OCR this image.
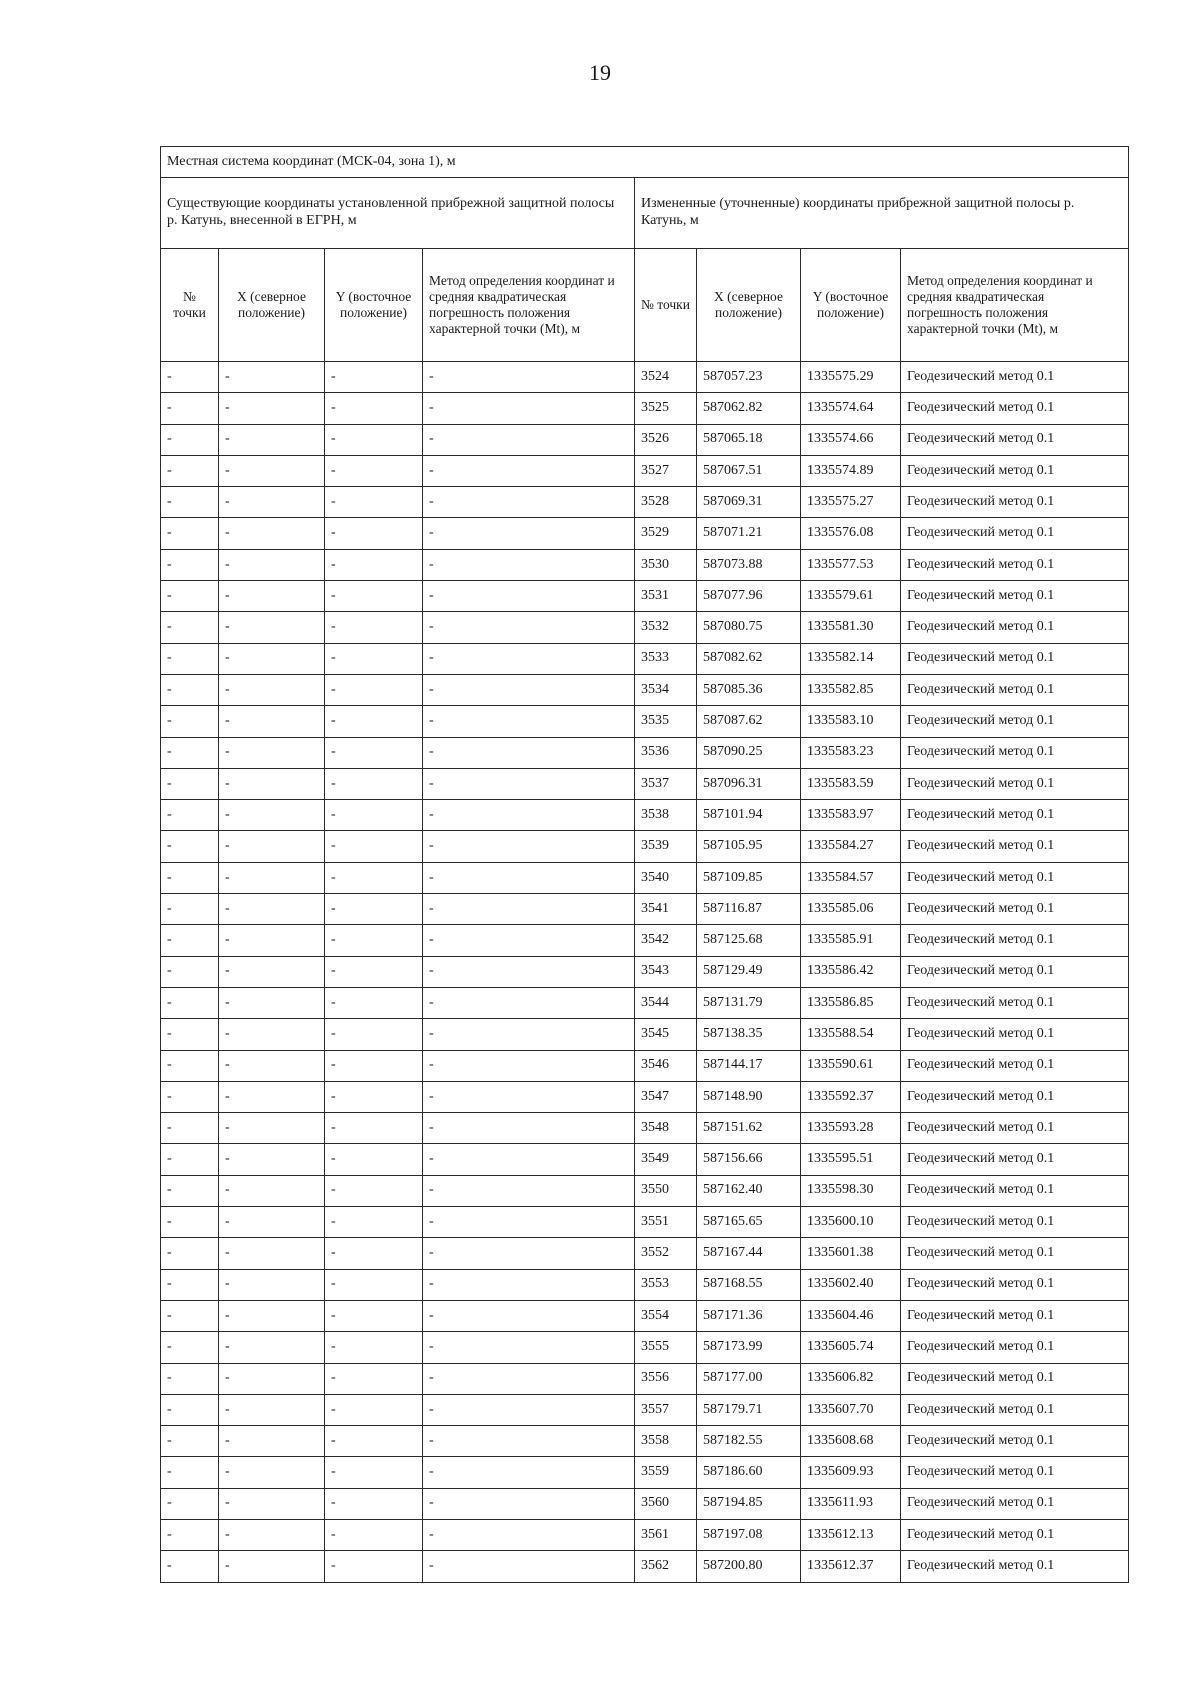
19
Местная система координат (МСК-04, зона 1), м							
Существующие координаты установленной прибрежной защитной полосы р. Катунь, внесенной в ЕГРН, м				Измененные (уточненные) координаты прибрежной защитной полосы р. Катунь, м			
№ точки	X (северное положение)	Y (восточное положение)	Метод определения координат и средняя квадратическая погрешность положения характерной точки (Mt), м	№ точки	X (северное положение)	Y (восточное положение)	Метод определения координат и средняя квадратическая погрешность положения характерной точки (Mt), м
-	-	-	-	3524	587057.23	1335575.29	Геодезический метод 0.1
-	-	-	-	3525	587062.82	1335574.64	Геодезический метод 0.1
-	-	-	-	3526	587065.18	1335574.66	Геодезический метод 0.1
-	-	-	-	3527	587067.51	1335574.89	Геодезический метод 0.1
-	-	-	-	3528	587069.31	1335575.27	Геодезический метод 0.1
-	-	-	-	3529	587071.21	1335576.08	Геодезический метод 0.1
-	-	-	-	3530	587073.88	1335577.53	Геодезический метод 0.1
-	-	-	-	3531	587077.96	1335579.61	Геодезический метод 0.1
-	-	-	-	3532	587080.75	1335581.30	Геодезический метод 0.1
-	-	-	-	3533	587082.62	1335582.14	Геодезический метод 0.1
-	-	-	-	3534	587085.36	1335582.85	Геодезический метод 0.1
-	-	-	-	3535	587087.62	1335583.10	Геодезический метод 0.1
-	-	-	-	3536	587090.25	1335583.23	Геодезический метод 0.1
-	-	-	-	3537	587096.31	1335583.59	Геодезический метод 0.1
-	-	-	-	3538	587101.94	1335583.97	Геодезический метод 0.1
-	-	-	-	3539	587105.95	1335584.27	Геодезический метод 0.1
-	-	-	-	3540	587109.85	1335584.57	Геодезический метод 0.1
-	-	-	-	3541	587116.87	1335585.06	Геодезический метод 0.1
-	-	-	-	3542	587125.68	1335585.91	Геодезический метод 0.1
-	-	-	-	3543	587129.49	1335586.42	Геодезический метод 0.1
-	-	-	-	3544	587131.79	1335586.85	Геодезический метод 0.1
-	-	-	-	3545	587138.35	1335588.54	Геодезический метод 0.1
-	-	-	-	3546	587144.17	1335590.61	Геодезический метод 0.1
-	-	-	-	3547	587148.90	1335592.37	Геодезический метод 0.1
-	-	-	-	3548	587151.62	1335593.28	Геодезический метод 0.1
-	-	-	-	3549	587156.66	1335595.51	Геодезический метод 0.1
-	-	-	-	3550	587162.40	1335598.30	Геодезический метод 0.1
-	-	-	-	3551	587165.65	1335600.10	Геодезический метод 0.1
-	-	-	-	3552	587167.44	1335601.38	Геодезический метод 0.1
-	-	-	-	3553	587168.55	1335602.40	Геодезический метод 0.1
-	-	-	-	3554	587171.36	1335604.46	Геодезический метод 0.1
-	-	-	-	3555	587173.99	1335605.74	Геодезический метод 0.1
-	-	-	-	3556	587177.00	1335606.82	Геодезический метод 0.1
-	-	-	-	3557	587179.71	1335607.70	Геодезический метод 0.1
-	-	-	-	3558	587182.55	1335608.68	Геодезический метод 0.1
-	-	-	-	3559	587186.60	1335609.93	Геодезический метод 0.1
-	-	-	-	3560	587194.85	1335611.93	Геодезический метод 0.1
-	-	-	-	3561	587197.08	1335612.13	Геодезический метод 0.1
-	-	-	-	3562	587200.80	1335612.37	Геодезический метод 0.1
